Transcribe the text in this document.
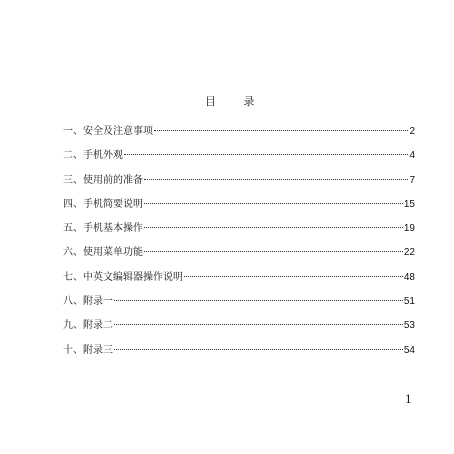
目 录
一、安全及注意事项	2
二、手机外观	4
三、使用前的准备	7
四、手机简要说明	15
五、手机基本操作	19
六、使用菜单功能	22
七、中英文编辑器操作说明	48
八、附录一	51
九、附录二	53
十、附录三	54
1
